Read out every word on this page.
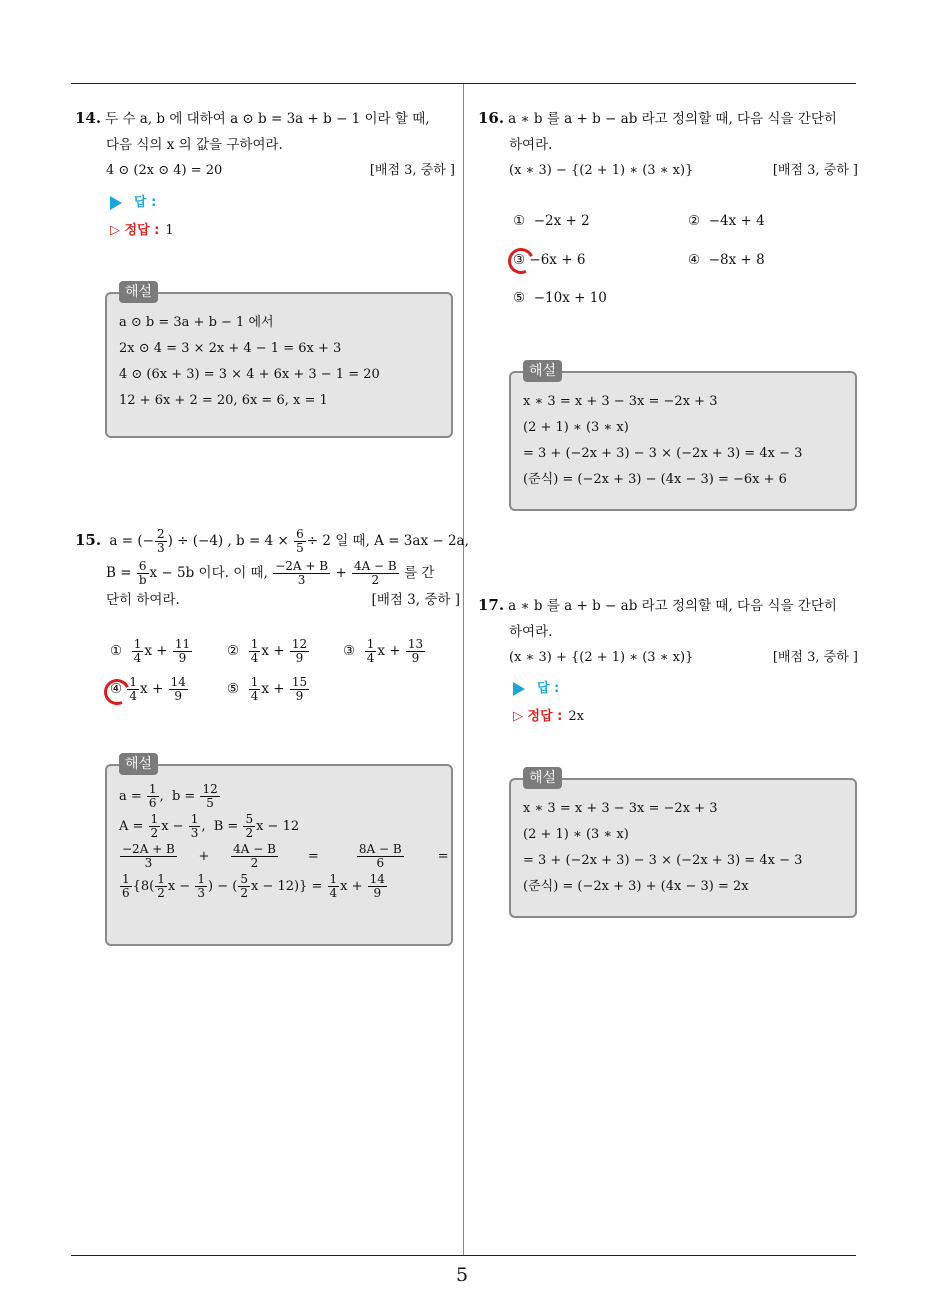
5
14. 두 수 a, b 에 대하여 a ⊙ b = 3a + b − 1 이라 할 때,
다음 식의 x 의 값을 구하여라.
4 ⊙ (2x ⊙ 4) = 20	[배점 3, 중하 ]
답 :
▷ 정답 : 1
해설
a ⊙ b = 3a + b − 1 에서
2x ⊙ 4 = 3 × 2x + 4 − 1 = 6x + 3
4 ⊙ (6x + 3) = 3 × 4 + 6x + 3 − 1 = 20
12 + 6x + 2 = 20, 6x = 6, x = 1
15. a = (− $\frac{2}{3}$ ) ÷ (−4) , $b = 4 \times \frac{6}{5} \div 2$ 일 때, A = 3ax − 2a,
$B = \frac{6}{b}$ x − 5b 이다. 이 때, $\frac{-2A + B}{3} + \frac{4A - B}{2}$ 를 간
단히 하여라.	[배점 3, 중하 ]
① $\frac{1}{4}$ $x + \frac{11}{9}$	② $\frac{1}{4}$ $x + \frac{12}{9}$	③ $\frac{1}{4}$ $x + \frac{13}{9}$
④ $\frac{1}{4}$ $x + \frac{14}{9}$	⑤ $\frac{1}{4}$ $x + \frac{15}{9}$
해설
$a = \frac{1}{6}$ ,  $b = \frac{12}{5}$
$A = \frac{1}{2}$ $x - \frac{1}{3}$ ,  $B = \frac{5}{2}$ x − 12
$\frac{-2A + B}{3} + \frac{4A - B}{2} = \frac{8A - B}{6}$ =
$\frac{1}{6} \{8( \frac{1}{2}$ $x - \frac{1}{3}$ ) − ( $\frac{5}{2}$ $x - 12)\} = \frac{1}{4}$ $x + \frac{14}{9}$
16. a ∗ b 를 a + b − ab 라고 정의할 때, 다음 식을 간단히
하여라.
(x ∗ 3) − {(2 + 1) ∗ (3 ∗ x)}	[배점 3, 중하 ]
① −2x + 2	② −4x + 4
③ −6x + 6	④ −8x + 8
⑤ −10x + 10
해설
x ∗ 3 = x + 3 − 3x = −2x + 3
(2 + 1) ∗ (3 ∗ x)
= 3 + (−2x + 3) − 3 × (−2x + 3) = 4x − 3
(준식) = (−2x + 3) − (4x − 3) = −6x + 6
17. a ∗ b 를 a + b − ab 라고 정의할 때, 다음 식을 간단히
하여라.
(x ∗ 3) + {(2 + 1) ∗ (3 ∗ x)}	[배점 3, 중하 ]
답 :
▷ 정답 : 2x
해설
x ∗ 3 = x + 3 − 3x = −2x + 3
(2 + 1) ∗ (3 ∗ x)
= 3 + (−2x + 3) − 3 × (−2x + 3) = 4x − 3
(준식) = (−2x + 3) + (4x − 3) = 2x
